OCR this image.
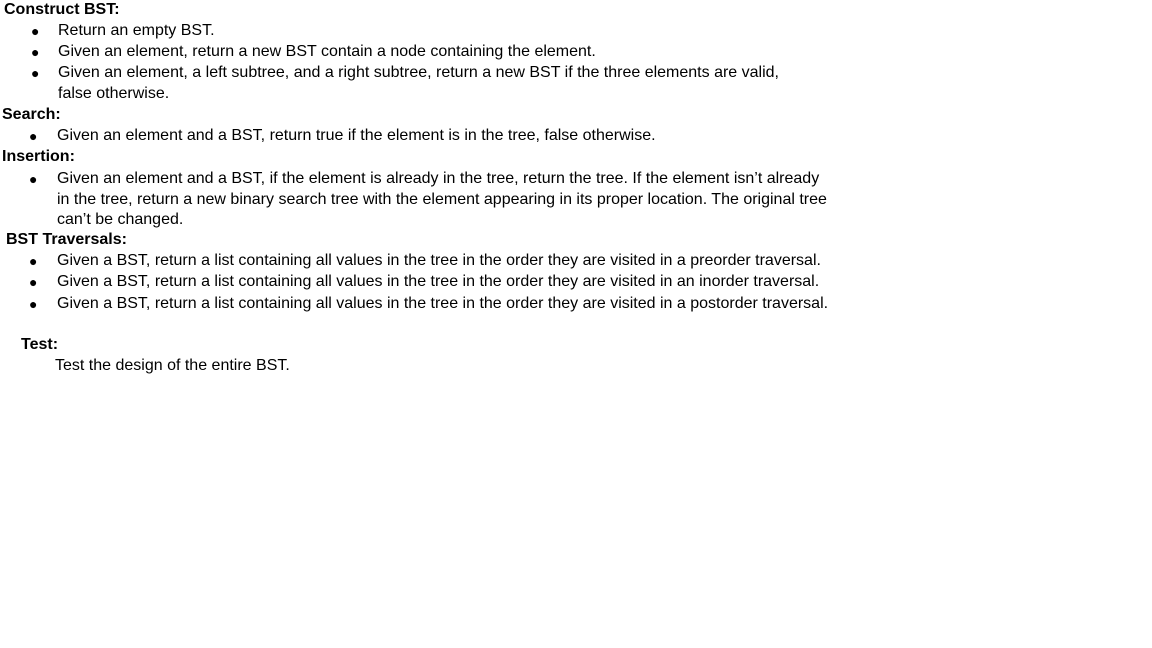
Construct BST:
● Return an empty BST.
● Given an element, return a new BST contain a node containing the element.
● Given an element, a left subtree, and a right subtree, return a new BST if the three elements are valid, false otherwise.
Search:
● Given an element and a BST, return true if the element is in the tree, false otherwise.
Insertion:
● Given an element and a BST, if the element is already in the tree, return the tree. If the element isn’t already in the tree, return a new binary search tree with the element appearing in its proper location. The original tree can’t be changed.
BST Traversals:
● Given a BST, return a list containing all values in the tree in the order they are visited in a preorder traversal.
● Given a BST, return a list containing all values in the tree in the order they are visited in an inorder traversal.
● Given a BST, return a list containing all values in the tree in the order they are visited in a postorder traversal.
Test:
Test the design of the entire BST.
